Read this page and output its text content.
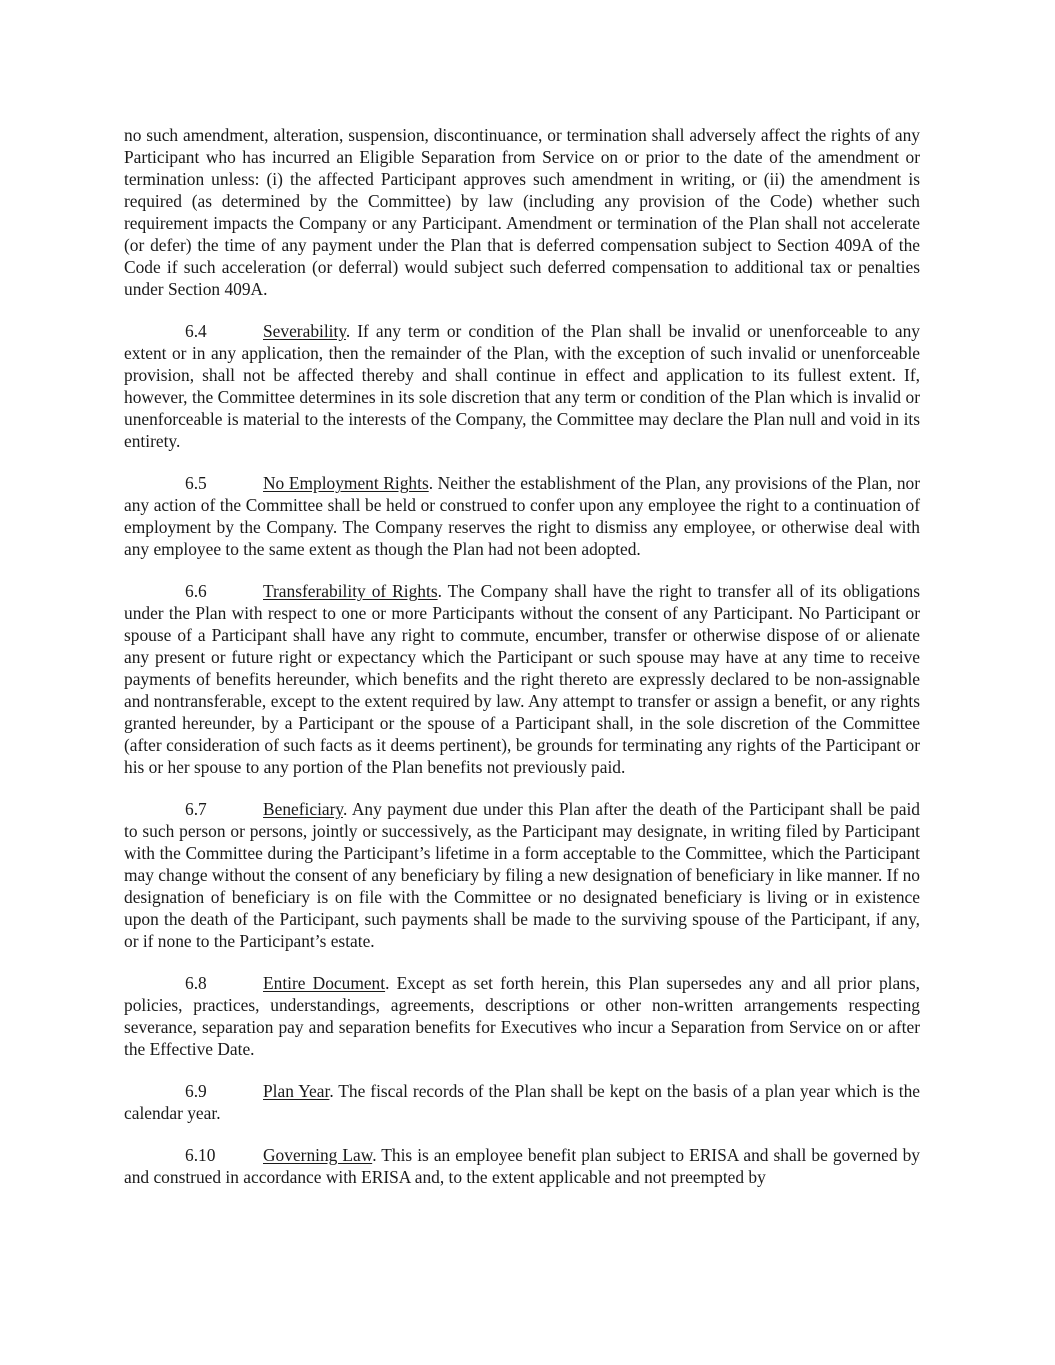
no such amendment, alteration, suspension, discontinuance, or termination shall adversely affect the rights of any Participant who has incurred an Eligible Separation from Service on or prior to the date of the amendment or termination unless: (i) the affected Participant approves such amendment in writing, or (ii) the amendment is required (as determined by the Committee) by law (including any provision of the Code) whether such requirement impacts the Company or any Participant. Amendment or termination of the Plan shall not accelerate (or defer) the time of any payment under the Plan that is deferred compensation subject to Section 409A of the Code if such acceleration (or deferral) would subject such deferred compensation to additional tax or penalties under Section 409A.

6.4	Severability. If any term or condition of the Plan shall be invalid or unenforceable to any extent or in any application, then the remainder of the Plan, with the exception of such invalid or unenforceable provision, shall not be affected thereby and shall continue in effect and application to its fullest extent. If, however, the Committee determines in its sole discretion that any term or condition of the Plan which is invalid or unenforceable is material to the interests of the Company, the Committee may declare the Plan null and void in its entirety.

6.5	No Employment Rights. Neither the establishment of the Plan, any provisions of the Plan, nor any action of the Committee shall be held or construed to confer upon any employee the right to a continuation of employment by the Company. The Company reserves the right to dismiss any employee, or otherwise deal with any employee to the same extent as though the Plan had not been adopted.

6.6	Transferability of Rights. The Company shall have the right to transfer all of its obligations under the Plan with respect to one or more Participants without the consent of any Participant. No Participant or spouse of a Participant shall have any right to commute, encumber, transfer or otherwise dispose of or alienate any present or future right or expectancy which the Participant or such spouse may have at any time to receive payments of benefits hereunder, which benefits and the right thereto are expressly declared to be non-assignable and nontransferable, except to the extent required by law. Any attempt to transfer or assign a benefit, or any rights granted hereunder, by a Participant or the spouse of a Participant shall, in the sole discretion of the Committee (after consideration of such facts as it deems pertinent), be grounds for terminating any rights of the Participant or his or her spouse to any portion of the Plan benefits not previously paid.

6.7	Beneficiary. Any payment due under this Plan after the death of the Participant shall be paid to such person or persons, jointly or successively, as the Participant may designate, in writing filed by Participant with the Committee during the Participant’s lifetime in a form acceptable to the Committee, which the Participant may change without the consent of any beneficiary by filing a new designation of beneficiary in like manner. If no designation of beneficiary is on file with the Committee or no designated beneficiary is living or in existence upon the death of the Participant, such payments shall be made to the surviving spouse of the Participant, if any, or if none to the Participant’s estate.

6.8	Entire Document. Except as set forth herein, this Plan supersedes any and all prior plans, policies, practices, understandings, agreements, descriptions or other non-written arrangements respecting severance, separation pay and separation benefits for Executives who incur a Separation from Service on or after the Effective Date.

6.9	Plan Year. The fiscal records of the Plan shall be kept on the basis of a plan year which is the calendar year.

6.10	Governing Law. This is an employee benefit plan subject to ERISA and shall be governed by and construed in accordance with ERISA and, to the extent applicable and not preempted by
